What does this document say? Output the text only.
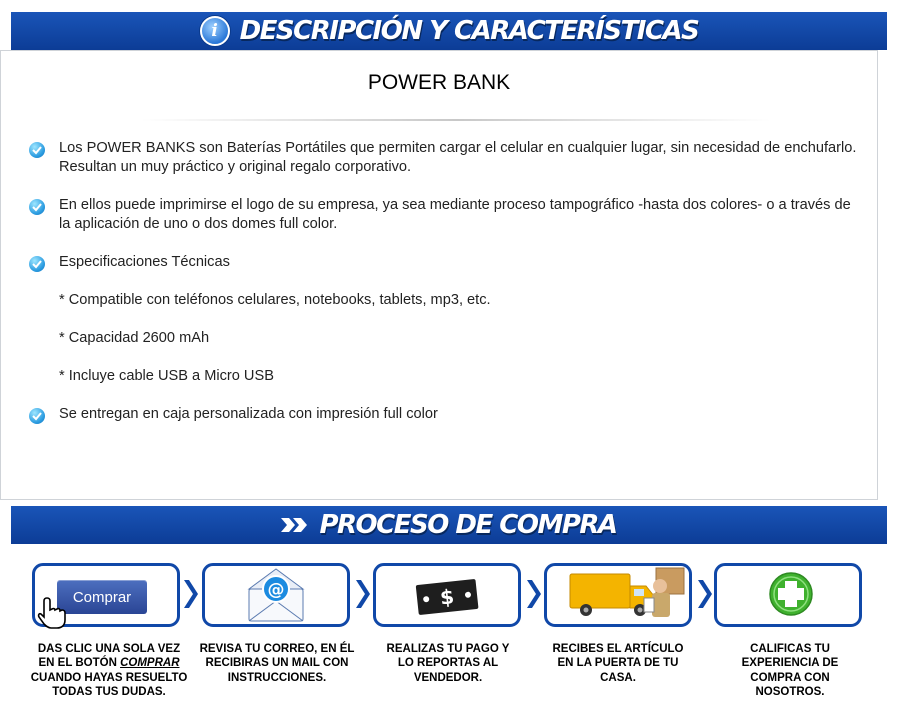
i DESCRIPCIÓN Y CARACTERÍSTICAS
POWER BANK
Los POWER BANKS son Baterías Portátiles que permiten cargar el celular en cualquier lugar, sin necesidad de enchufarlo. Resultan un muy práctico y original regalo corporativo.
En ellos puede imprimirse el logo de su empresa, ya sea mediante proceso tampográfico -hasta dos colores- o a través de la aplicación de uno o dos domes full color.
Especificaciones Técnicas
* Compatible con teléfonos celulares, notebooks, tablets, mp3, etc.
* Capacidad 2600 mAh
* Incluye cable USB a Micro USB
Se entregan en caja personalizada con impresión full color
PROCESO DE COMPRA
Comprar	@	$
DAS CLIC UNA SOLA VEZ EN EL BOTÓN COMPRAR CUANDO HAYAS RESUELTO TODAS TUS DUDAS.
REVISA TU CORREO, EN ÉL RECIBIRAS UN MAIL CON INSTRUCCIONES.
REALIZAS TU PAGO Y LO REPORTAS AL VENDEDOR.
RECIBES EL ARTÍCULO EN LA PUERTA DE TU CASA.
CALIFICAS TU EXPERIENCIA DE COMPRA CON NOSOTROS.
